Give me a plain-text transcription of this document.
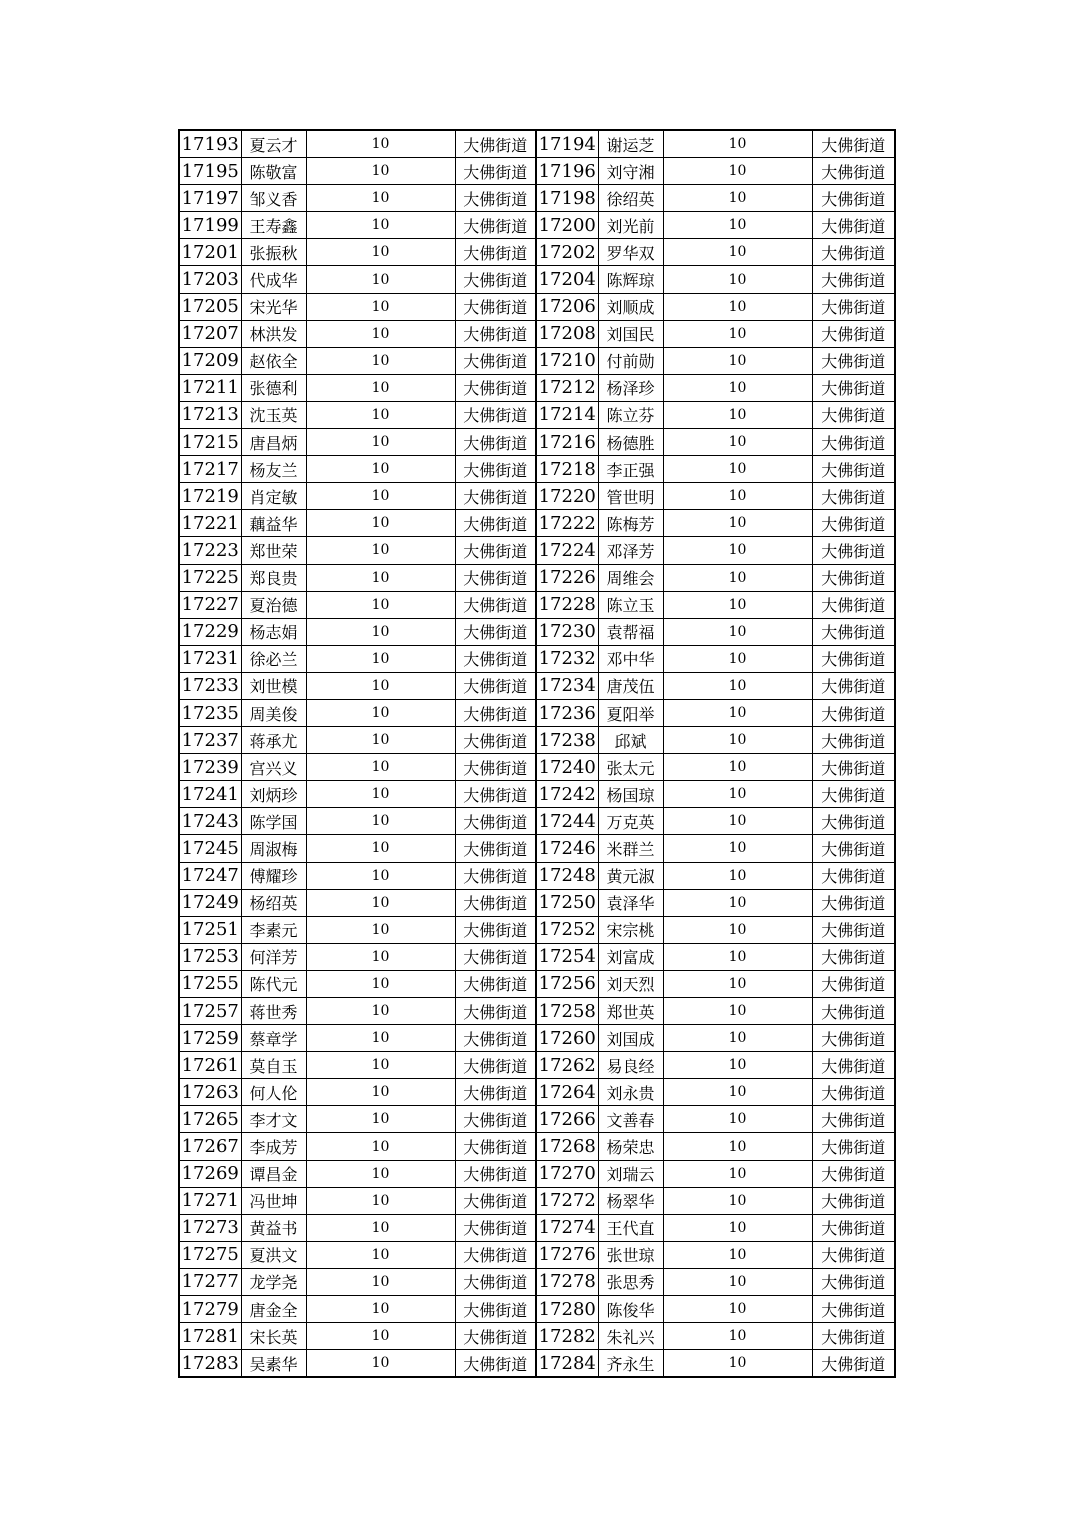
17193	夏云才	10	大佛街道	17194	谢运芝	10	大佛街道
17195	陈敬富	10	大佛街道	17196	刘守湘	10	大佛街道
17197	邹义香	10	大佛街道	17198	徐绍英	10	大佛街道
17199	王寿鑫	10	大佛街道	17200	刘光前	10	大佛街道
17201	张振秋	10	大佛街道	17202	罗华双	10	大佛街道
17203	代成华	10	大佛街道	17204	陈辉琼	10	大佛街道
17205	宋光华	10	大佛街道	17206	刘顺成	10	大佛街道
17207	林洪发	10	大佛街道	17208	刘国民	10	大佛街道
17209	赵依全	10	大佛街道	17210	付前勋	10	大佛街道
17211	张德利	10	大佛街道	17212	杨泽珍	10	大佛街道
17213	沈玉英	10	大佛街道	17214	陈立芬	10	大佛街道
17215	唐昌炳	10	大佛街道	17216	杨德胜	10	大佛街道
17217	杨友兰	10	大佛街道	17218	李正强	10	大佛街道
17219	肖定敏	10	大佛街道	17220	管世明	10	大佛街道
17221	藕益华	10	大佛街道	17222	陈梅芳	10	大佛街道
17223	郑世荣	10	大佛街道	17224	邓泽芳	10	大佛街道
17225	郑良贵	10	大佛街道	17226	周维会	10	大佛街道
17227	夏治德	10	大佛街道	17228	陈立玉	10	大佛街道
17229	杨志娟	10	大佛街道	17230	袁帮福	10	大佛街道
17231	徐必兰	10	大佛街道	17232	邓中华	10	大佛街道
17233	刘世模	10	大佛街道	17234	唐茂伍	10	大佛街道
17235	周美俊	10	大佛街道	17236	夏阳举	10	大佛街道
17237	蒋承尤	10	大佛街道	17238	邱斌	10	大佛街道
17239	宫兴义	10	大佛街道	17240	张太元	10	大佛街道
17241	刘炳珍	10	大佛街道	17242	杨国琼	10	大佛街道
17243	陈学国	10	大佛街道	17244	万克英	10	大佛街道
17245	周淑梅	10	大佛街道	17246	米群兰	10	大佛街道
17247	傅耀珍	10	大佛街道	17248	黄元淑	10	大佛街道
17249	杨绍英	10	大佛街道	17250	袁泽华	10	大佛街道
17251	李素元	10	大佛街道	17252	宋宗桃	10	大佛街道
17253	何洋芳	10	大佛街道	17254	刘富成	10	大佛街道
17255	陈代元	10	大佛街道	17256	刘天烈	10	大佛街道
17257	蒋世秀	10	大佛街道	17258	郑世英	10	大佛街道
17259	蔡章学	10	大佛街道	17260	刘国成	10	大佛街道
17261	莫自玉	10	大佛街道	17262	易良经	10	大佛街道
17263	何人伦	10	大佛街道	17264	刘永贵	10	大佛街道
17265	李才文	10	大佛街道	17266	文善春	10	大佛街道
17267	李成芳	10	大佛街道	17268	杨荣忠	10	大佛街道
17269	谭昌金	10	大佛街道	17270	刘瑞云	10	大佛街道
17271	冯世坤	10	大佛街道	17272	杨翠华	10	大佛街道
17273	黄益书	10	大佛街道	17274	王代直	10	大佛街道
17275	夏洪文	10	大佛街道	17276	张世琼	10	大佛街道
17277	龙学尧	10	大佛街道	17278	张思秀	10	大佛街道
17279	唐金全	10	大佛街道	17280	陈俊华	10	大佛街道
17281	宋长英	10	大佛街道	17282	朱礼兴	10	大佛街道
17283	吴素华	10	大佛街道	17284	齐永生	10	大佛街道
